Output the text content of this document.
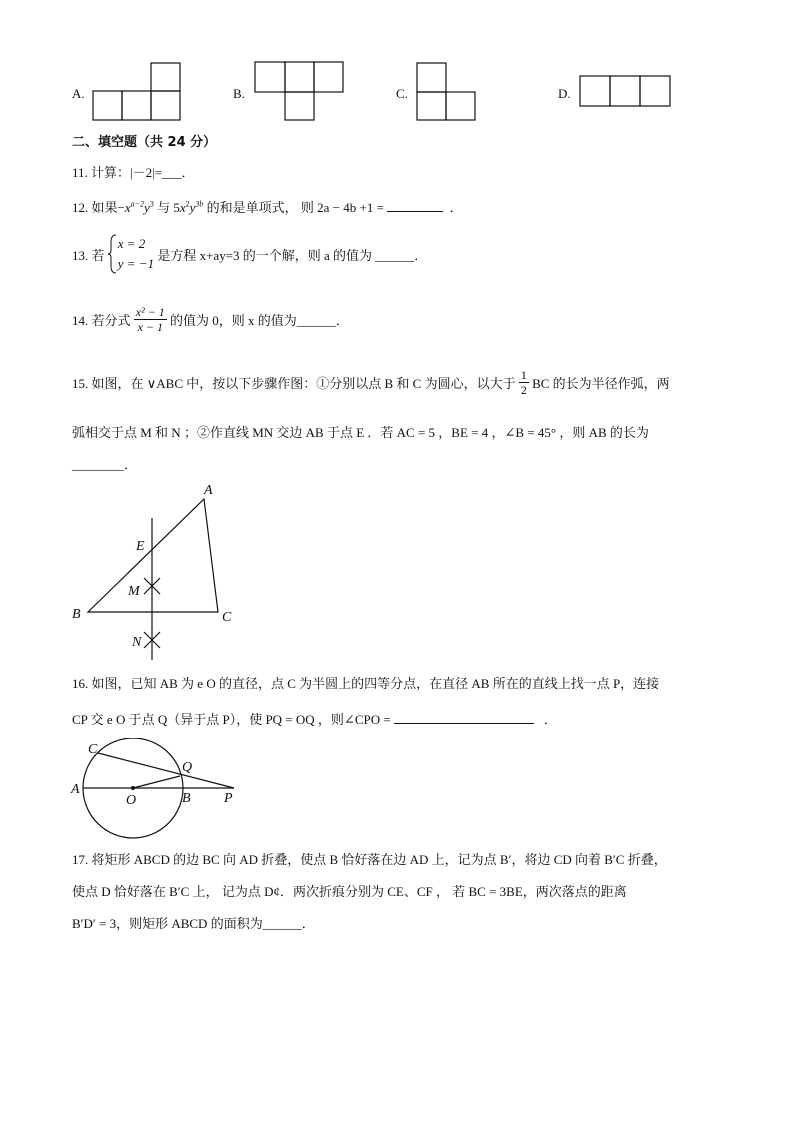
A.	B.	C.	D.
二、填空题（共 24 分）
11. 计算：|－2|=___．
12. 如果$-x^{a-2}y^3$ 与 $5x^2y^{3b}$ 的和是单项式， 则 2a − 4b +1 =	．
13. 若
x = 2
y = −1
是方程 x+ay=3 的一个解，则 a 的值为 ______．
14. 若分式 $\frac{\text{x² − 1}}{x - 1}$ 的值为 0，则 x 的值为______．
15. 如图，在 ∨ABC 中，按以下步骤作图：①分别以点 B 和 C 为圆心，以大于 $\frac{1}{2}$ BC 的长为半径作弧，两
弧相交于点 M 和 N ；②作直线 MN 交边 AB 于点 E ．若 AC = 5 ，BE = 4 ，∠B = 45° ，则 AB 的长为
________．
A
B	C
E
M
N
16. 如图，已知 AB 为 e O 的直径，点 C 为半圆上的四等分点，在直径 AB 所在的直线上找一点 P，连接
CP 交 e O 于点 Q（异于点 P），使 PQ = OQ ，则∠CPO =	．
A
C
O	B P
Q
17. 将矩形 ABCD 的边 BC 向 AD 折叠，使点 B 恰好落在边 AD 上，记为点 B′，将边 CD 向着 B′C 折叠，
使点 D 恰好落在 B′C 上， 记为点 D¢．两次折痕分别为 CE、CF ， 若 BC = 3BE，两次落点的距离
B′D′ = 3，则矩形 ABCD 的面积为______．
